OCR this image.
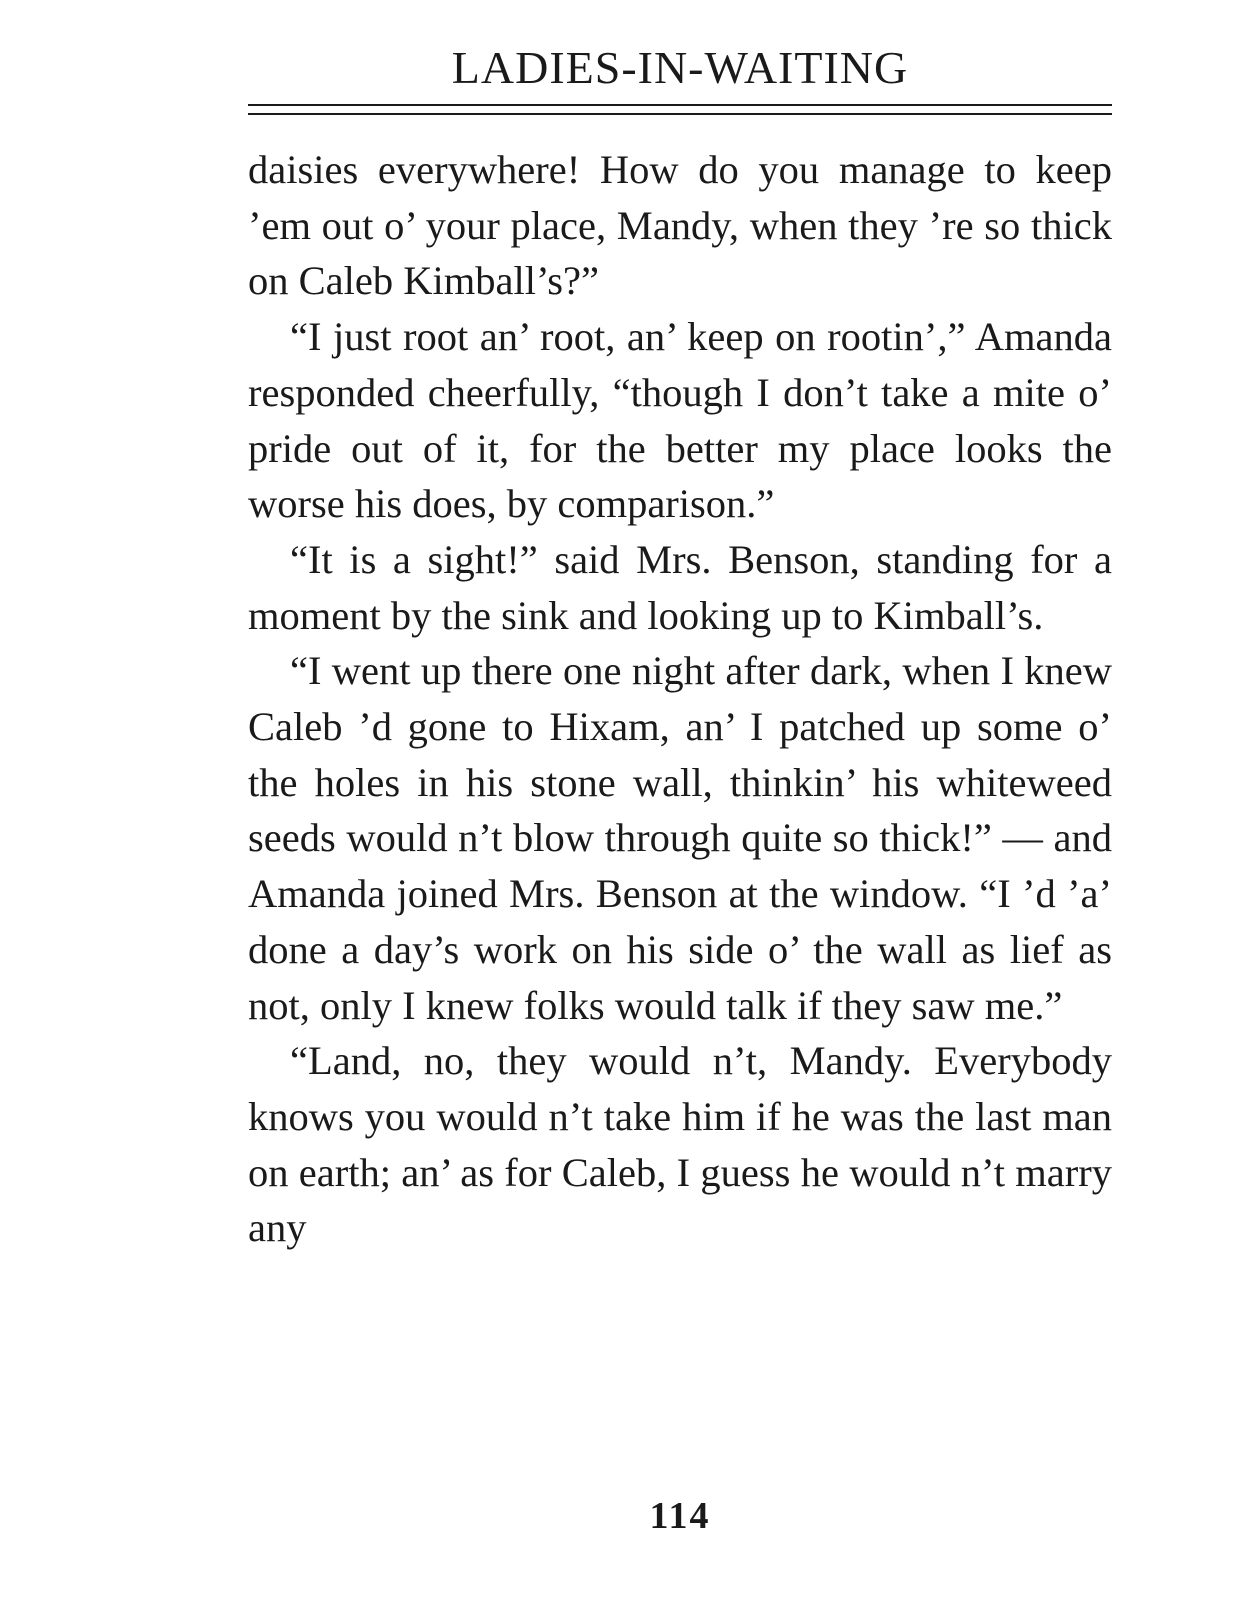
LADIES-IN-WAITING

daisies everywhere! How do you manage to keep ’em out o’ your place, Mandy, when they ’re so thick on Caleb Kimball’s?”

“I just root an’ root, an’ keep on rootin’,” Amanda responded cheerfully, “though I don’t take a mite o’ pride out of it, for the better my place looks the worse his does, by comparison.”

“It is a sight!” said Mrs. Benson, standing for a moment by the sink and looking up to Kimball’s.

“I went up there one night after dark, when I knew Caleb ’d gone to Hixam, an’ I patched up some o’ the holes in his stone wall, thinkin’ his whiteweed seeds would n’t blow through quite so thick!” — and Amanda joined Mrs. Benson at the window. “I ’d ’a’ done a day’s work on his side o’ the wall as lief as not, only I knew folks would talk if they saw me.”

“Land, no, they would n’t, Mandy. Everybody knows you would n’t take him if he was the last man on earth; an’ as for Caleb, I guess he would n’t marry any

114
